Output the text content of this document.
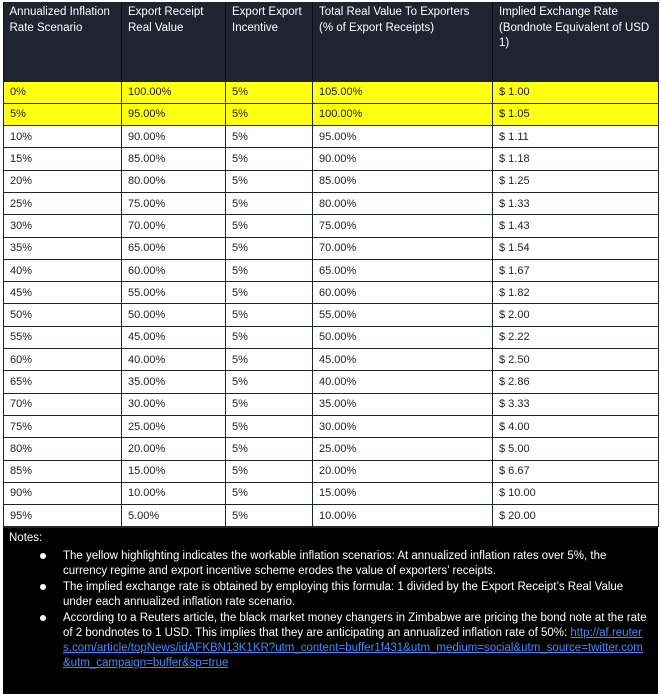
Annualized Inflation Rate Scenario	Export Receipt Real Value	Export Export Incentive	Total Real Value To Exporters (% of Export Receipts)	Implied Exchange Rate (Bondnote Equivalent of USD 1)
0%	100.00%	5%	105.00%	$ 1.00
5%	95.00%	5%	100.00%	$ 1.05
10%	90.00%	5%	95.00%	$ 1.11
15%	85.00%	5%	90.00%	$ 1.18
20%	80.00%	5%	85.00%	$ 1.25
25%	75.00%	5%	80.00%	$ 1.33
30%	70.00%	5%	75.00%	$ 1.43
35%	65.00%	5%	70.00%	$ 1.54
40%	60.00%	5%	65.00%	$ 1.67
45%	55.00%	5%	60.00%	$ 1.82
50%	50.00%	5%	55.00%	$ 2.00
55%	45.00%	5%	50.00%	$ 2.22
60%	40.00%	5%	45.00%	$ 2.50
65%	35.00%	5%	40.00%	$ 2.86
70%	30.00%	5%	35.00%	$ 3.33
75%	25.00%	5%	30.00%	$ 4.00
80%	20.00%	5%	25.00%	$ 5.00
85%	15.00%	5%	20.00%	$ 6.67
90%	10.00%	5%	15.00%	$ 10.00
95%	5.00%	5%	10.00%	$ 20.00
Notes:
The yellow highlighting indicates the workable inflation scenarios: At annualized inflation rates over 5%, the currency regime and export incentive scheme erodes the value of exporters’ receipts.
The implied exchange rate is obtained by employing this formula: 1 divided by the Export Receipt’s Real Value under each annualized inflation rate scenario.
According to a Reuters article, the black market money changers in Zimbabwe are pricing the bond note at the rate of 2 bondnotes to 1 USD. This implies that they are anticipating an annualized inflation rate of 50%: http://af.reuters.com/article/topNews/idAFKBN13K1KR?utm_content=buffer1f431&utm_medium=social&utm_source=twitter.com&utm_campaign=buffer&sp=true
